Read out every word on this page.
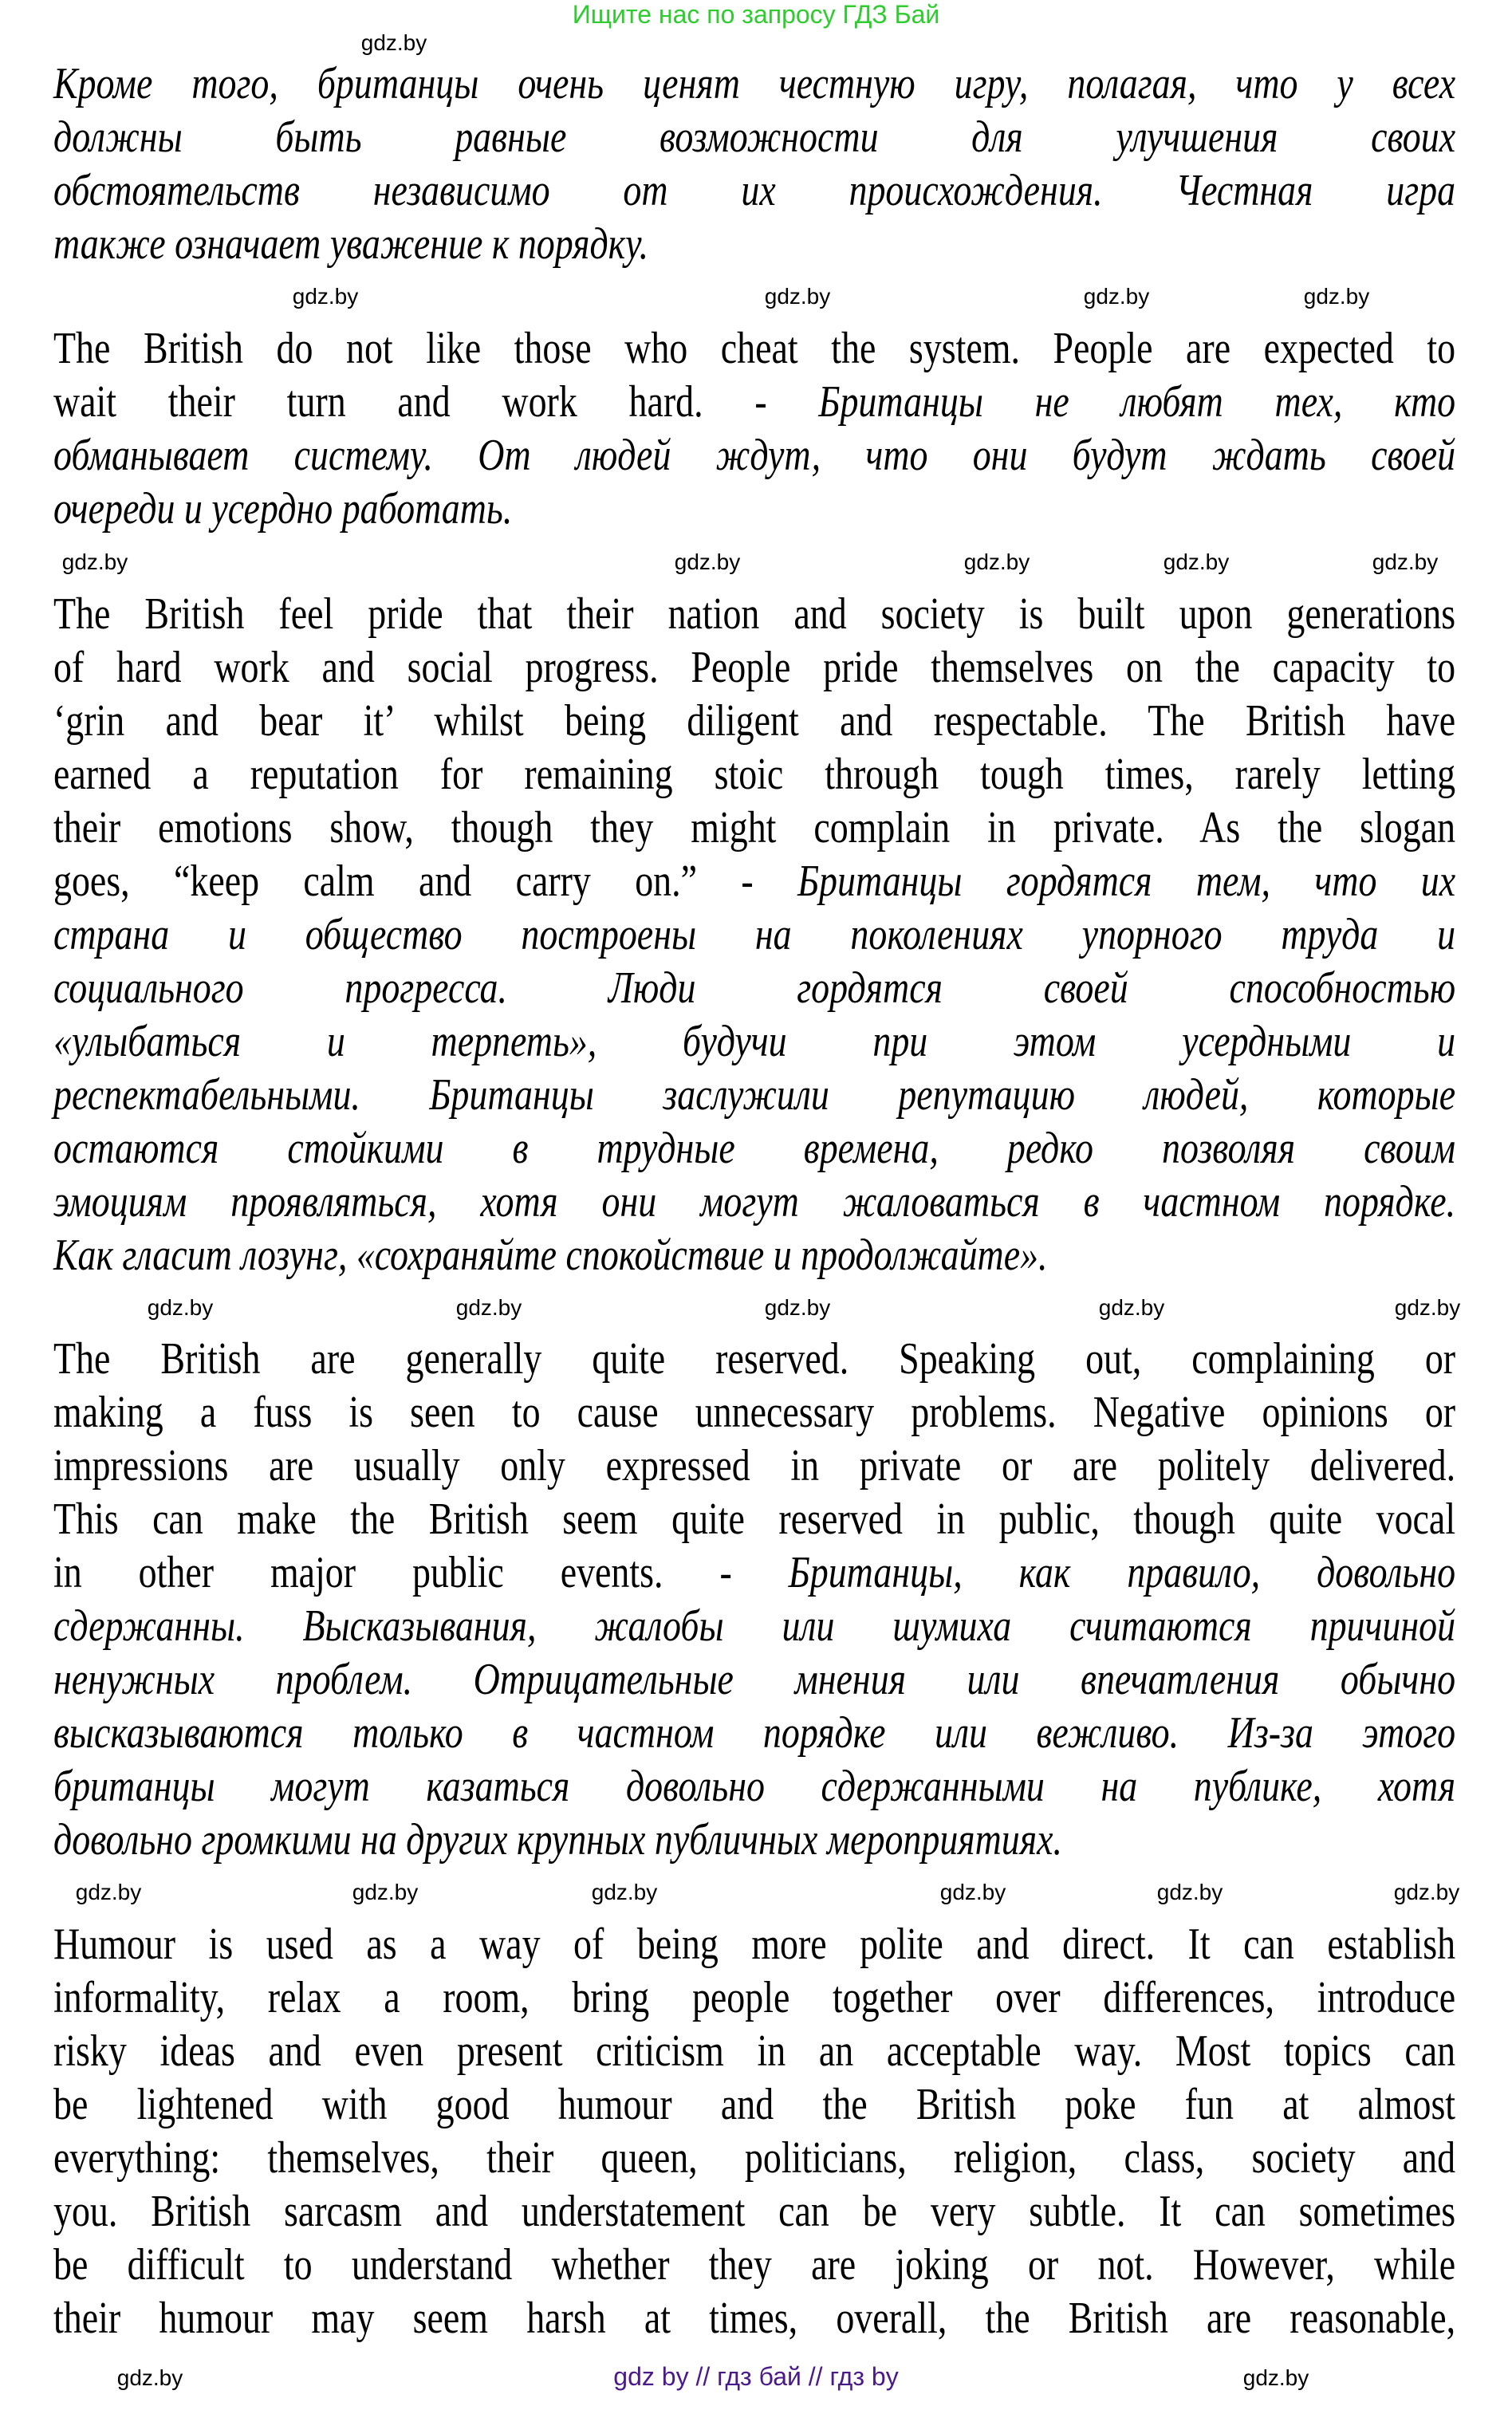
Ищите нас по запросу ГДЗ Бай
Кроме того, британцы очень ценят честную игру, полагая, что у всех
должны быть равные возможности для улучшения своих
обстоятельств независимо от их происхождения. Честная игра
также означает уважение к порядку.
The British do not like those who cheat the system. People are expected to
wait their turn and work hard. - Британцы не любят тех, кто
обманывает систему. От людей ждут, что они будут ждать своей
очереди и усердно работать.
The British feel pride that their nation and society is built upon generations
of hard work and social progress. People pride themselves on the capacity to
‘grin and bear it’ whilst being diligent and respectable. The British have
earned a reputation for remaining stoic through tough times, rarely letting
their emotions show, though they might complain in private. As the slogan
goes, “keep calm and carry on.” - Британцы гордятся тем, что их
страна и общество построены на поколениях упорного труда и
социального прогресса. Люди гордятся своей способностью
«улыбаться и терпеть», будучи при этом усердными и
респектабельными. Британцы заслужили репутацию людей, которые
остаются стойкими в трудные времена, редко позволяя своим
эмоциям проявляться, хотя они могут жаловаться в частном порядке.
Как гласит лозунг, «сохраняйте спокойствие и продолжайте».
The British are generally quite reserved. Speaking out, complaining or
making a fuss is seen to cause unnecessary problems. Negative opinions or
impressions are usually only expressed in private or are politely delivered.
This can make the British seem quite reserved in public, though quite vocal
in other major public events. - Британцы, как правило, довольно
сдержанны. Высказывания, жалобы или шумиха считаются причиной
ненужных проблем. Отрицательные мнения или впечатления обычно
высказываются только в частном порядке или вежливо. Из-за этого
британцы могут казаться довольно сдержанными на публике, хотя
довольно громкими на других крупных публичных мероприятиях.
Humour is used as a way of being more polite and direct. It can establish
informality, relax a room, bring people together over differences, introduce
risky ideas and even present criticism in an acceptable way. Most topics can
be lightened with good humour and the British poke fun at almost
everything: themselves, their queen, politicians, religion, class, society and
you. British sarcasm and understatement can be very subtle. It can sometimes
be difficult to understand whether they are joking or not. However, while
their humour may seem harsh at times, overall, the British are reasonable,
gdz.by
gdz.by	gdz.by	gdz.by	gdz.by
gdz.by	gdz.by	gdz.by	gdz.by	gdz.by
gdz.by	gdz.by	gdz.by	gdz.by	gdz.by
gdz.by	gdz.by	gdz.by	gdz.by	gdz.by	gdz.by
gdz.by	gdz.by
gdz by // гдз бай // гдз by
